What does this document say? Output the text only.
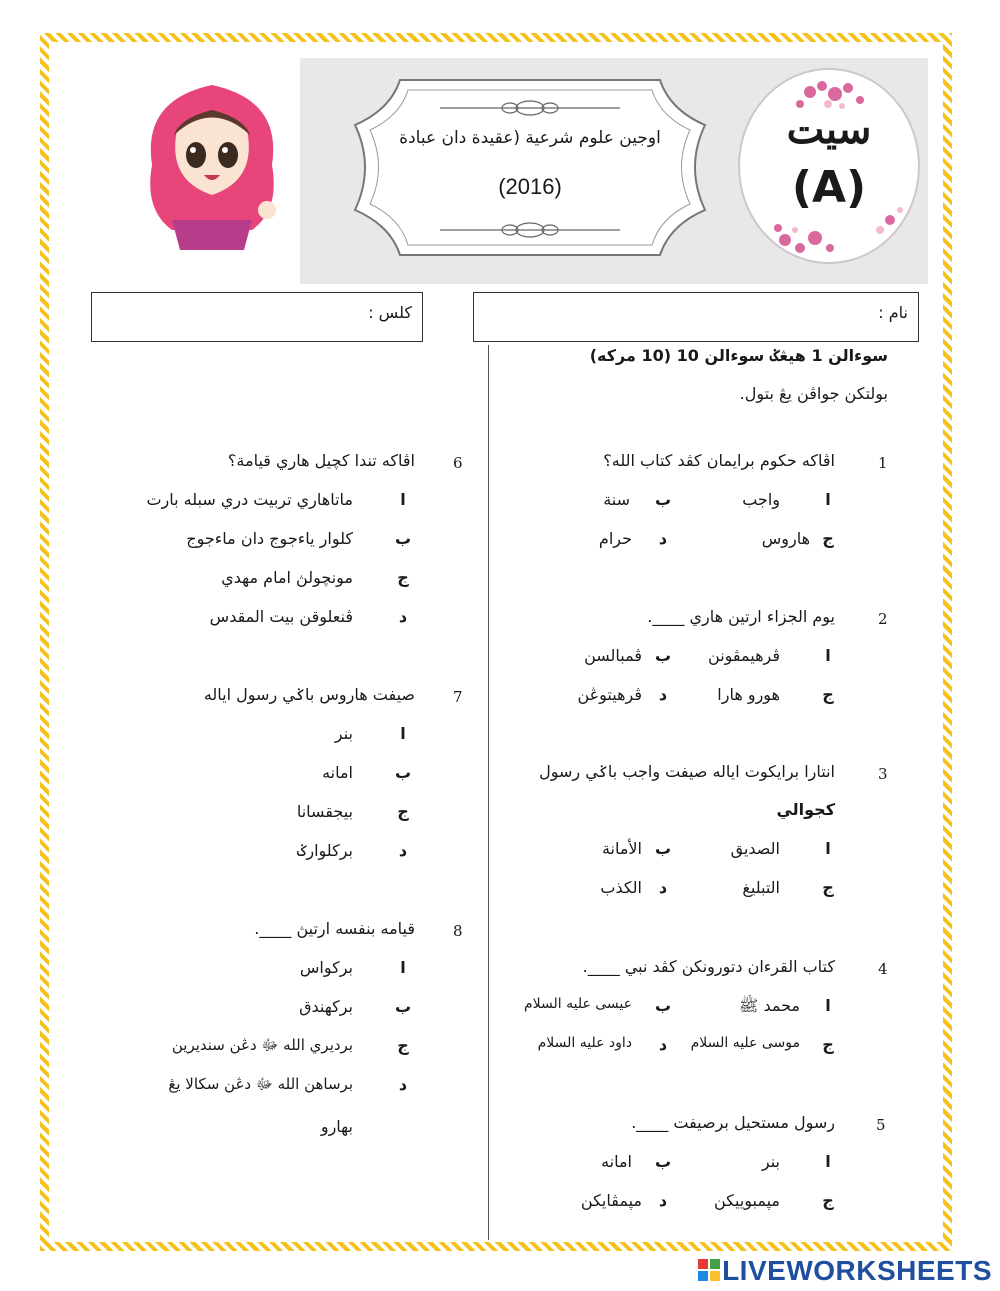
اوجين علوم شرعية (عقيدة دان عبادة
(2016)
سيت
(A)
نام :
كلس :
سوءالن 1 هيڠݢ سوءالن 10 (10 مركه)
بولتكن جواڤن يڠ بتول.
1
اڤاكه حكوم برايمان كڤد كتاب الله؟
ا
واجب
ب
سنة
ج
هاروس
د
حرام
2
يوم الجزاء ارتين هاري ____.
ا
ڤرهيمڤونن
ب
ڤمبالسن
ج
هورو هارا
د
ڤرهيتوڠن
3
انتارا برايكوت اياله صيفت واجب باݢي رسول
كجوالي
ا
الصديق
ب
الأمانة
ج
التبليغ
د
الكذب
4
كتاب القرءان دتورونكن كڤد نبي ____.
ا
محمد ﷺ
ب
عيسى عليه السلام
ج
موسى عليه السلام
د
داود عليه السلام
5
رسول مستحيل برصيفت ____.
ا
بنر
ب
امانه
ج
مپمبوييكن
د
مپمڤايكن
6
اڤاكه تندا كچيل هاري قيامة؟
ا
ماتاهاري تربيت دري سبله بارت
ب
كلوار ياءجوج دان ماءجوج
ج
مونچولڽ امام مهدي
د
ڤنعلوقن بيت المقدس
7
صيفت هاروس باݢي رسول اياله
ا
بنر
ب
امانه
ج
بيجقسانا
د
بركلوارݢ
8
قيامه بنفسه ارتيڽ ____.
ا
بركواس
ب
بركهندق
ج
برديري الله ﷻ دڠن سنديرين
د
برساهن الله ﷻ دڠن سكالا يڠ
بهارو
LIVEWORKSHEETS
